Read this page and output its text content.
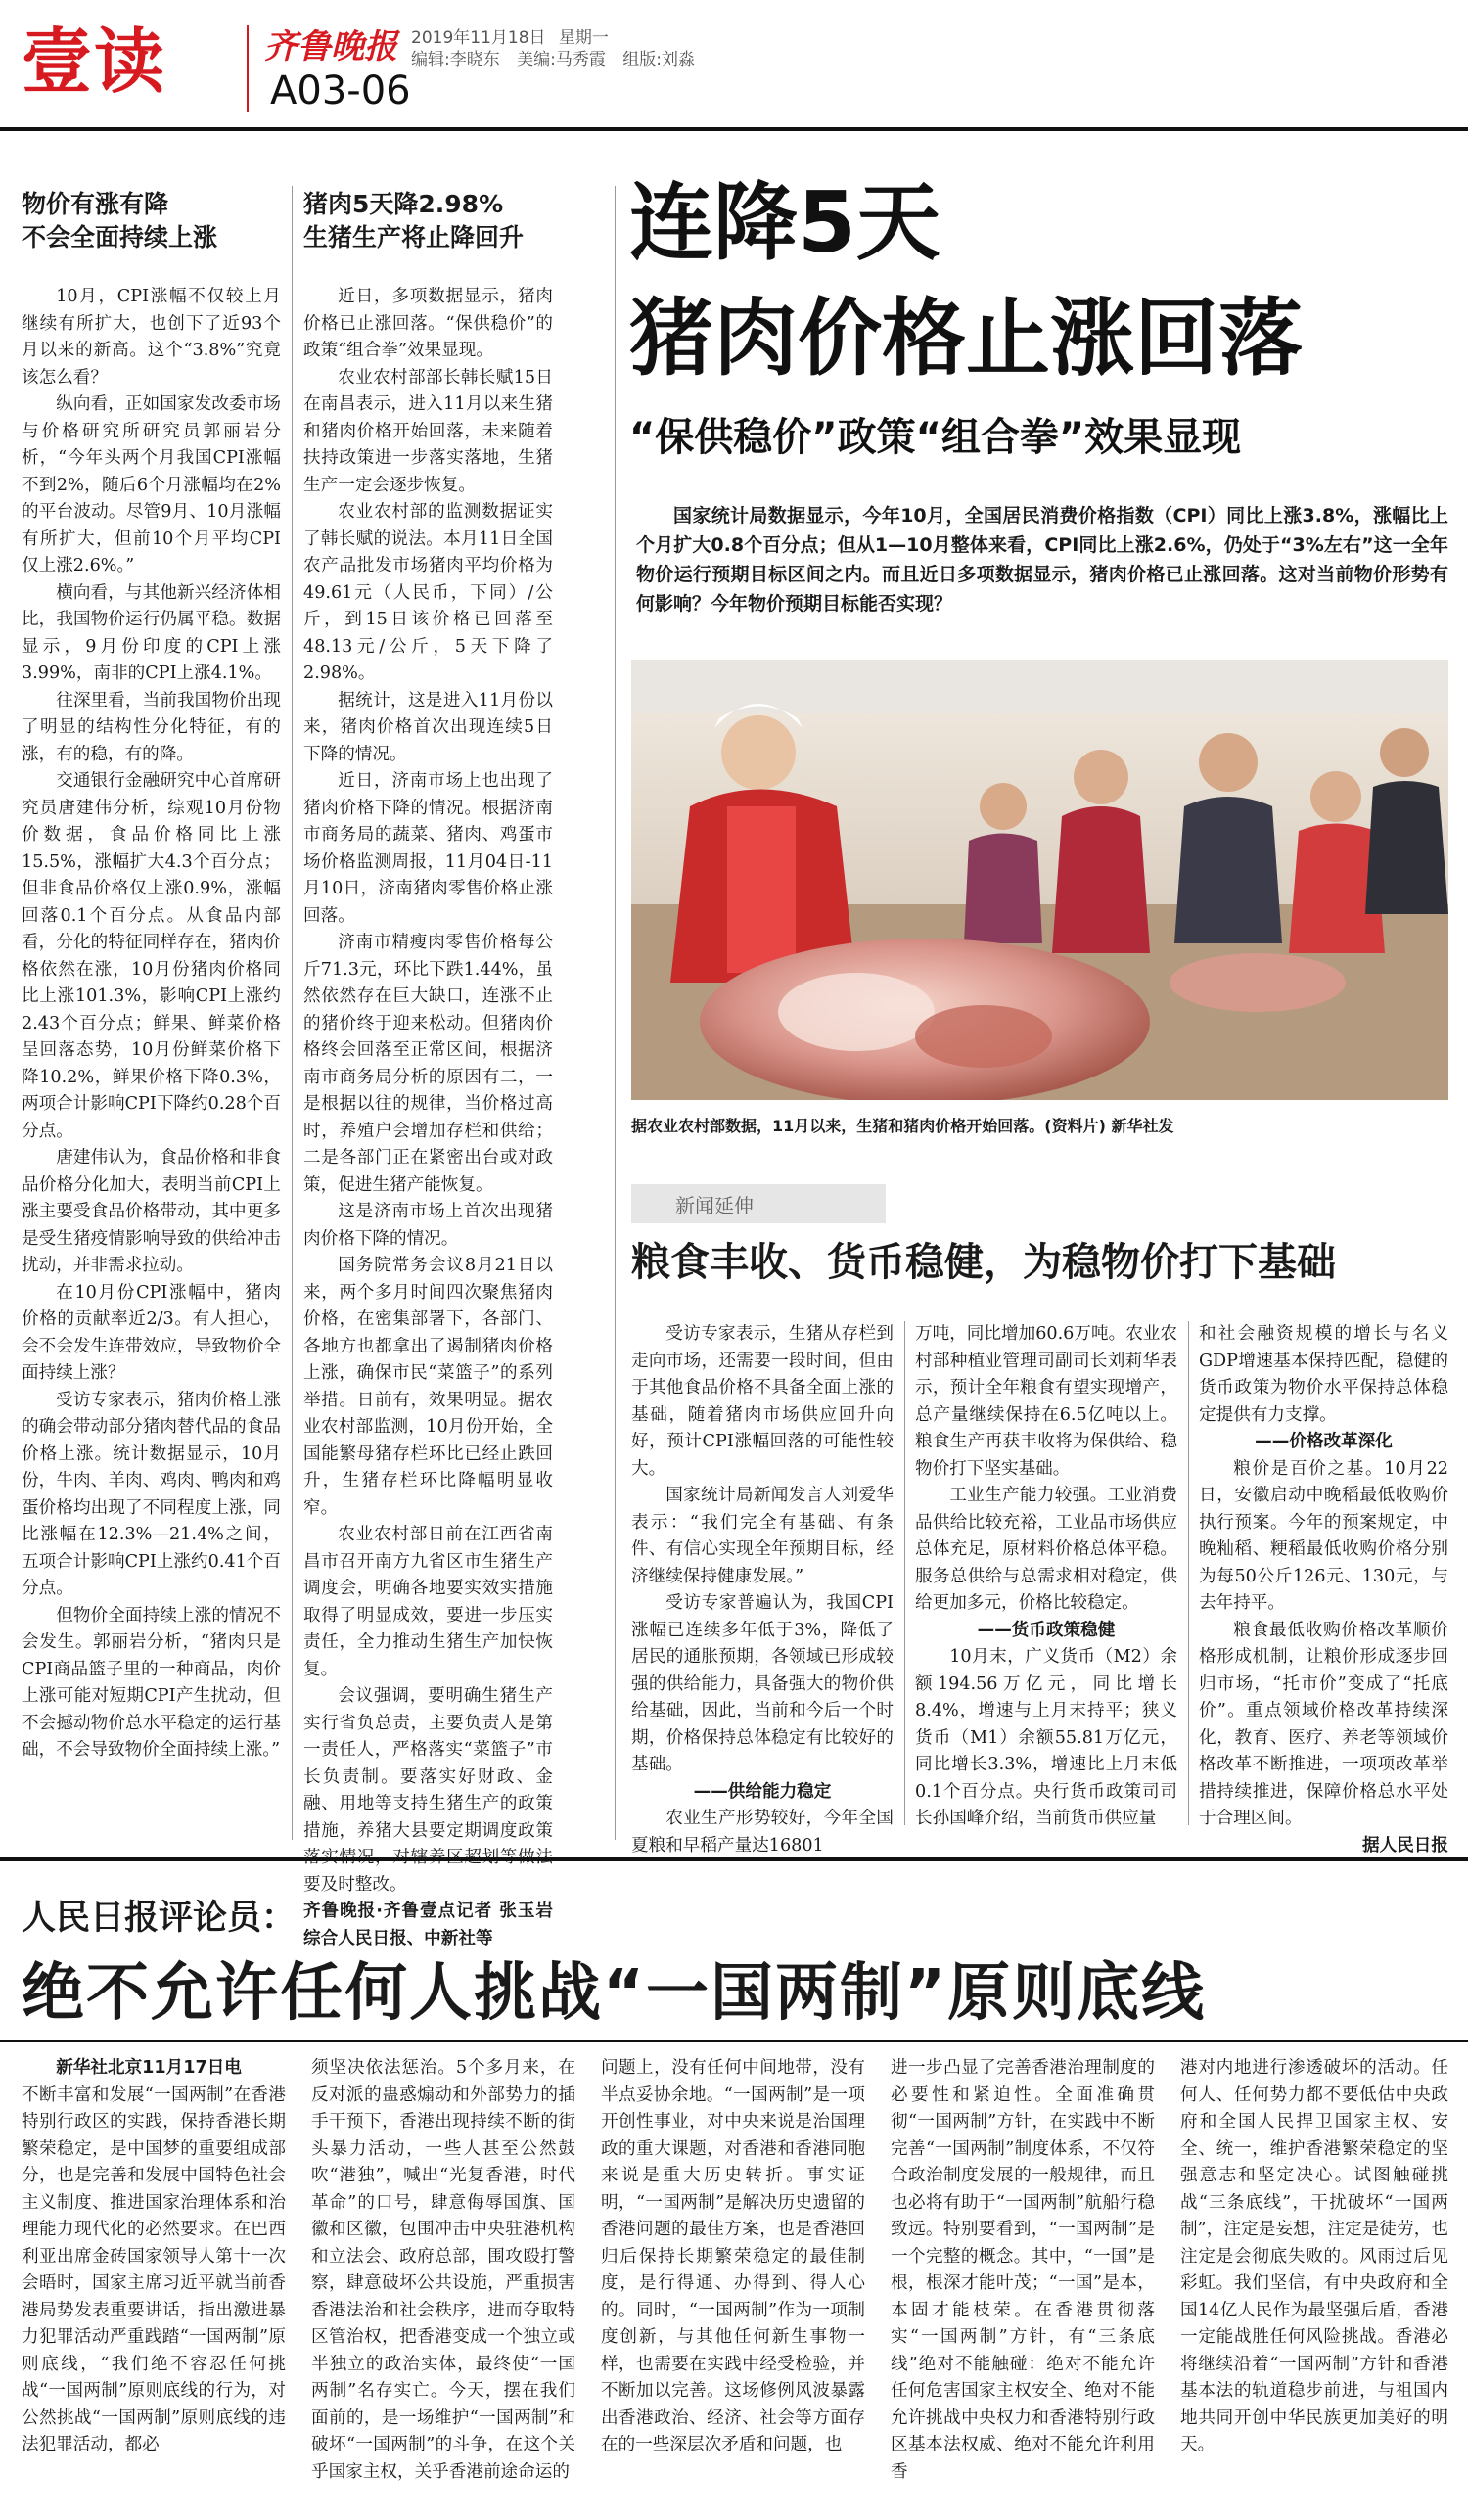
壹读	齐鲁晚报
A03-06
2019年11月18日 星期一
编辑:李晓东 美编:马秀霞 组版:刘淼
物价有涨有降
不会全面持续上涨

10月，CPI涨幅不仅较上月继续有所扩大，也创下了近93个月以来的新高。这个“3.8%”究竟该怎么看？

纵向看，正如国家发改委市场与价格研究所研究员郭丽岩分析，“今年头两个月我国CPI涨幅不到2%，随后6个月涨幅均在2%的平台波动。尽管9月、10月涨幅有所扩大，但前10个月平均CPI仅上涨2.6%。”

横向看，与其他新兴经济体相比，我国物价运行仍属平稳。数据显示，9月份印度的CPI上涨3.99%，南非的CPI上涨4.1%。

往深里看，当前我国物价出现了明显的结构性分化特征，有的涨，有的稳，有的降。

交通银行金融研究中心首席研究员唐建伟分析，综观10月份物价数据，食品价格同比上涨15.5%，涨幅扩大4.3个百分点；但非食品价格仅上涨0.9%，涨幅回落0.1个百分点。从食品内部看，分化的特征同样存在，猪肉价格依然在涨，10月份猪肉价格同比上涨101.3%，影响CPI上涨约2.43个百分点；鲜果、鲜菜价格呈回落态势，10月份鲜菜价格下降10.2%，鲜果价格下降0.3%，两项合计影响CPI下降约0.28个百分点。

唐建伟认为，食品价格和非食品价格分化加大，表明当前CPI上涨主要受食品价格带动，其中更多是受生猪疫情影响导致的供给冲击扰动，并非需求拉动。

在10月份CPI涨幅中，猪肉价格的贡献率近2/3。有人担心，会不会发生连带效应，导致物价全面持续上涨？

受访专家表示，猪肉价格上涨的确会带动部分猪肉替代品的食品价格上涨。统计数据显示，10月份，牛肉、羊肉、鸡肉、鸭肉和鸡蛋价格均出现了不同程度上涨，同比涨幅在12.3%—21.4%之间，五项合计影响CPI上涨约0.41个百分点。

但物价全面持续上涨的情况不会发生。郭丽岩分析，“猪肉只是CPI商品篮子里的一种商品，肉价上涨可能对短期CPI产生扰动，但不会撼动物价总水平稳定的运行基础，不会导致物价全面持续上涨。”

猪肉5天降2.98%
生猪生产将止降回升

近日，多项数据显示，猪肉价格已止涨回落。“保供稳价”的政策“组合拳”效果显现。

农业农村部部长韩长赋15日在南昌表示，进入11月以来生猪和猪肉价格开始回落，未来随着扶持政策进一步落实落地，生猪生产一定会逐步恢复。

农业农村部的监测数据证实了韩长赋的说法。本月11日全国农产品批发市场猪肉平均价格为49.61元（人民币，下同）/公斤，到15日该价格已回落至48.13元/公斤，5天下降了2.98%。

据统计，这是进入11月份以来，猪肉价格首次出现连续5日下降的情况。

近日，济南市场上也出现了猪肉价格下降的情况。根据济南市商务局的蔬菜、猪肉、鸡蛋市场价格监测周报，11月04日-11月10日，济南猪肉零售价格止涨回落。

济南市精瘦肉零售价格每公斤71.3元，环比下跌1.44%，虽然依然存在巨大缺口，连涨不止的猪价终于迎来松动。但猪肉价格终会回落至正常区间，根据济南市商务局分析的原因有二，一是根据以往的规律，当价格过高时，养殖户会增加存栏和供给；二是各部门正在紧密出台或对政策，促进生猪产能恢复。

这是济南市场上首次出现猪肉价格下降的情况。

国务院常务会议8月21日以来，两个多月时间四次聚焦猪肉价格，在密集部署下，各部门、各地方也都拿出了遏制猪肉价格上涨，确保市民“菜篮子”的系列举措。日前有，效果明显。据农业农村部监测，10月份开始，全国能繁母猪存栏环比已经止跌回升，生猪存栏环比降幅明显收窄。

农业农村部日前在江西省南昌市召开南方九省区市生猪生产调度会，明确各地要实效实措施取得了明显成效，要进一步压实责任，全力推动生猪生产加快恢复。

会议强调，要明确生猪生产实行省负总责，主要负责人是第一责任人，严格落实“菜篮子”市长负责制。要落实好财政、金融、用地等支持生猪生产的政策措施，养猪大县要定期调度政策 要及时整改。

齐鲁晚报·齐鲁壹点记者 张玉岩综合人民日报、中新社等

连降5天
猪肉价格止涨回落
“保供稳价”政策“组合拳”效果显现
国家统计局数据显示，今年10月，全国居民消费价格指数（CPI）同比上涨3.8%，涨幅比上个月扩大0.8个百分点；但从1—10月整体来看，CPI同比上涨2.6%，仍处于“3%左右”这一全年物价运行预期目标区间之内。而且近日多项数据显示，猪肉价格已止涨回落。这对当前物价形势有何影响？今年物价预期目标能否实现？
据农业农村部数据，11月以来，生猪和猪肉价格开始回落。(资料片) 新华社发
新闻延伸
粮食丰收、货币稳健，为稳物价打下基础

受访专家表示，生猪从存栏到走向市场，还需要一段时间，但由于其他食品价格不具备全面上涨的基础，随着猪肉市场供应回升向好，预计CPI涨幅回落的可能性较大。

国家统计局新闻发言人刘爱华表示：“我们完全有基础、有条件、有信心实现全年预期目标，经济继续保持健康发展。”

受访专家普遍认为，我国CPI涨幅已连续多年低于3%，降低了居民的通胀预期，各领域已形成较强的供给能力，具备强大的物价供给基础，因此，当前和今后一个时期，价格保持总体稳定有比较好的基础。

——供给能力稳定

农业生产形势较好，今年全国夏粮和早稻产量达16801

万吨，同比增加60.6万吨。农业农村部种植业管理司副司长刘莉华表示，预计全年粮食有望实现增产，总产量继续保持在6.5亿吨以上。粮食生产再获丰收将为保供给、稳物价打下坚实基础。

工业生产能力较强。工业消费品供给比较充裕，工业品市场供应总体充足，原材料价格总体平稳。服务总供给与总需求相对稳定，供给更加多元，价格比较稳定。

——货币政策稳健

10月末，广义货币（M2）余额194.56万亿元，同比增长8.4%，增速与上月末持平；狭义货币（M1）余额55.81万亿元，同比增长3.3%，增速比上月末低0.1个百分点。央行货币政策司司长孙国峰介绍，当前货币供应量

和社会融资规模的增长与名义GDP增速基本保持匹配，稳健的货币政策为物价水平保持总体稳定提供有力支撑。

——价格改革深化

粮价是百价之基。10月22日，安徽启动中晚稻最低收购价执行预案。今年的预案规定，中晚籼稻、粳稻最低收购价格分别为每50公斤126元、130元，与去年持平。

粮食最低收购价格改革顺价格形成机制，让粮价形成逐步回归市场，“托市价”变成了“托底价”。重点领域价格改革持续深化，教育、医疗、养老等领域价格改革不断推进，一项项改革举措持续推进，保障价格总水平处于合理区间。

据人民日报

人民日报评论员：
绝不允许任何人挑战“一国两制”原则底线

新华社北京11月17日电

不断丰富和发展“一国两制”在香港特别行政区的实践，保持香港长期繁荣稳定，是中国梦的重要组成部分，也是完善和发展中国特色社会主义制度、推进国家治理体系和治理能力现代化的必然要求。在巴西利亚出席金砖国家领导人第十一次会晤时，国家主席习近平就当前香港局势发表重要讲话，指出激进暴力犯罪活动严重践踏“一国两制”原则底线，“我们绝不容忍任何挑战“一国两制”原则底线的行为，对公然挑战“一国两制”原则底线的违法犯罪活动，都必

须坚决依法惩治。5个多月来，在反对派的蛊惑煽动和外部势力的插手干预下，香港出现持续不断的街头暴力活动，一些人甚至公然鼓吹“港独”，喊出“光复香港，时代革命”的口号，肆意侮辱国旗、国徽和区徽，包围冲击中央驻港机构和立法会、政府总部，围攻殴打警察，肆意破坏公共设施，严重损害香港法治和社会秩序，进而夺取特区管治权，把香港变成一个独立或半独立的政治实体，最终使“一国两制”名存实亡。今天，摆在我们面前的，是一场维护“一国两制”和破坏“一国两制”的斗争，在这个关乎国家主权，关乎香港前途命运的

问题上，没有任何中间地带，没有半点妥协余地。“一国两制”是一项开创性事业，对中央来说是治国理政的重大课题，对香港和香港同胞来说是重大历史转折。事实证明，“一国两制”是解决历史遗留的香港问题的最佳方案，也是香港回归后保持长期繁荣稳定的最佳制度，是行得通、办得到、得人心的。同时，“一国两制”作为一项制度创新，与其他任何新生事物一样，也需要在实践中经受检验，并不断加以完善。这场修例风波暴露出香港政治、经济、社会等方面存在的一些深层次矛盾和问题，也

进一步凸显了完善香港治理制度的必要性和紧迫性。全面准确贯彻“一国两制”方针，在实践中不断完善“一国两制”制度体系，不仅符合政治制度发展的一般规律，而且也必将有助于“一国两制”航船行稳致远。特别要看到，“一国两制”是一个完整的概念。其中，“一国”是根，根深才能叶茂；“一国”是本，本固才能枝荣。在香港贯彻落实“一国两制”方针，有“三条底线”绝对不能触碰：绝对不能允许任何危害国家主权安全、绝对不能允许挑战中央权力和香港特别行政区基本法权威、绝对不能允许利用香

港对内地进行渗透破坏的活动。任何人、任何势力都不要低估中央政府和全国人民捍卫国家主权、安全、统一，维护香港繁荣稳定的坚强意志和坚定决心。试图触碰挑战“三条底线”，干扰破坏“一国两制”，注定是妄想，注定是徒劳，也注定是会彻底失败的。风雨过后见彩虹。我们坚信，有中央政府和全国14亿人民作为最坚强后盾，香港一定能战胜任何风险挑战。香港必将继续沿着“一国两制”方针和香港基本法的轨道稳步前进，与祖国内地共同开创中华民族更加美好的明天。
